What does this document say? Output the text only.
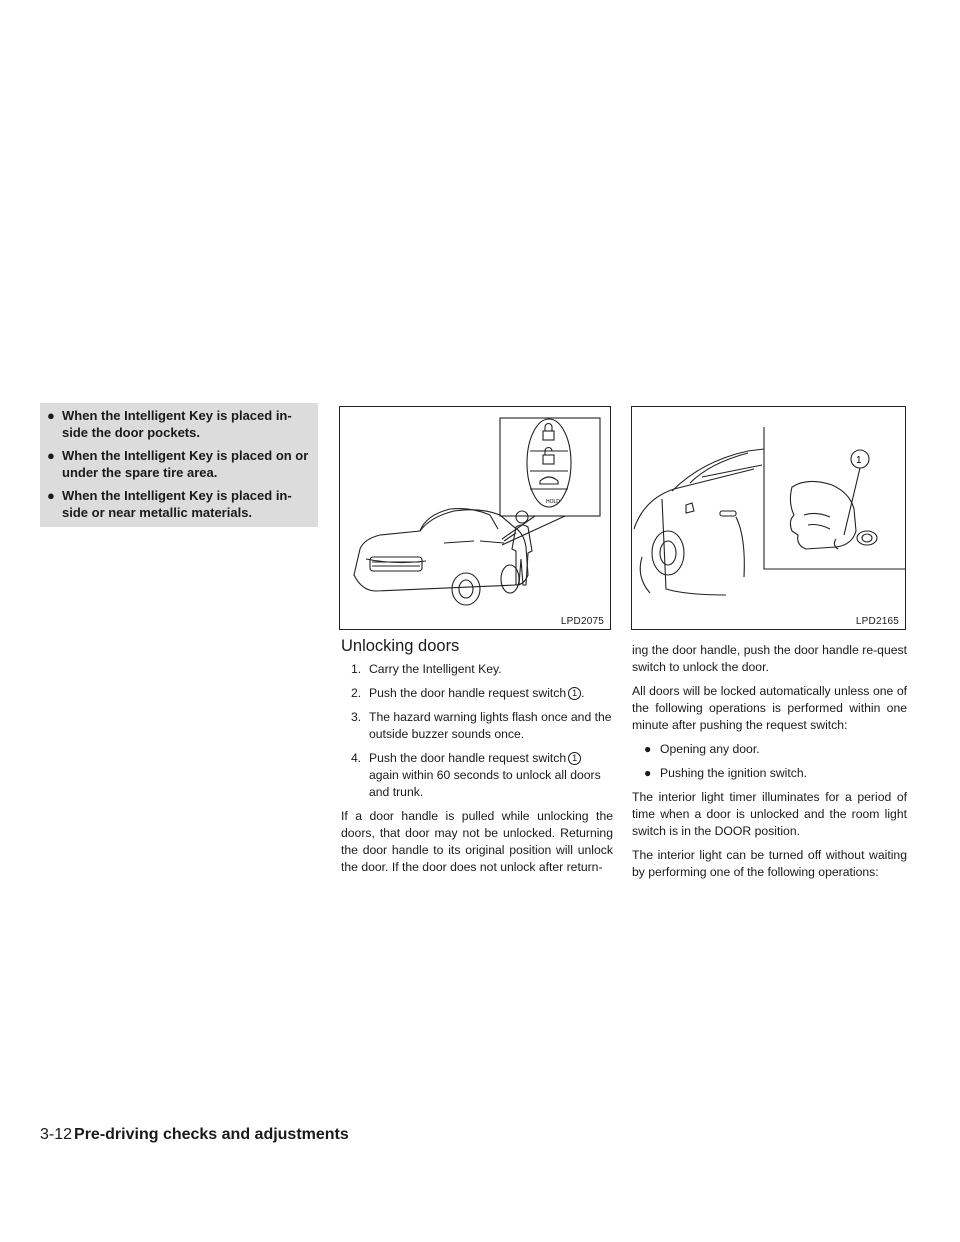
● When the Intelligent Key is placed in-side the door pockets.
● When the Intelligent Key is placed on or under the spare tire area.
● When the Intelligent Key is placed in-side or near metallic materials.
HOLD
LPD2075
1
LPD2165
Unlocking doors
1. Carry the Intelligent Key.
2. Push the door handle request switch 1 .
3. The hazard warning lights flash once and the outside buzzer sounds once.
4. Push the door handle request switch 1 again within 60 seconds to unlock all doors and trunk.

If a door handle is pulled while unlocking the doors, that door may not be unlocked. Returning the door handle to its original position will unlock the door. If the door does not unlock after return-

ing the door handle, push the door handle re-quest switch to unlock the door.

All doors will be locked automatically unless one of the following operations is performed within one minute after pushing the request switch:

● Opening any door.
● Pushing the ignition switch.

The interior light timer illuminates for a period of time when a door is unlocked and the room light switch is in the DOOR position.

The interior light can be turned off without waiting by performing one of the following operations:

3-12 Pre-driving checks and adjustments
